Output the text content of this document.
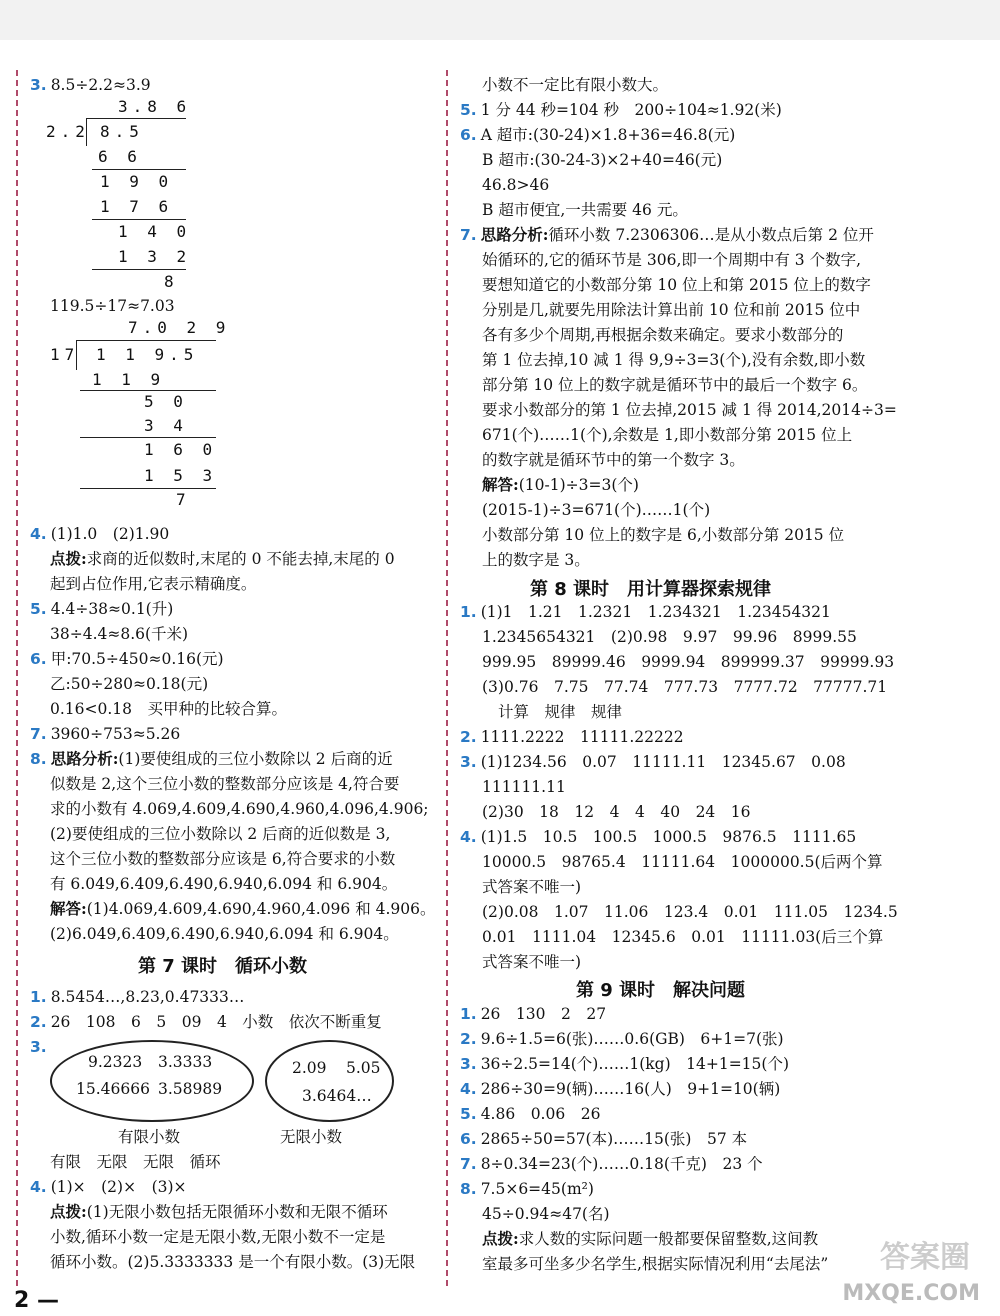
3. 8.5÷2.2≈3.9
3.8 6
2.2 8.5
6 6
1 9 0
1 7 6
1 4 0
1 3 2
8
119.5÷17≈7.03
7.0 2 9
17 1 1 9.5
1 1 9
5 0
3 4
1 6 0
1 5 3
7
4. (1)1.0　(2)1.90
点拨:求商的近似数时,末尾的 0 不能去掉,末尾的 0
起到占位作用,它表示精确度。
5. 4.4÷38≈0.1(升)
38÷4.4≈8.6(千米)
6. 甲:70.5÷450≈0.16(元)
乙:50÷280≈0.18(元)
0.16<0.18　买甲种的比较合算。
7. 3960÷753≈5.26
8. 思路分析:(1)要使组成的三位小数除以 2 后商的近
似数是 2,这个三位小数的整数部分应该是 4,符合要
求的小数有 4.069,4.609,4.690,4.960,4.096,4.906;
(2)要使组成的三位小数除以 2 后商的近似数是 3,
这个三位小数的整数部分应该是 6,符合要求的小数
有 6.049,6.409,6.490,6.940,6.094 和 6.904。
解答:(1)4.069,4.609,4.690,4.960,4.096 和 4.906。
(2)6.049,6.409,6.490,6.940,6.094 和 6.904。
第 7 课时　循环小数
1. 8.5454…,8.23,0.47333…
2. 26　108　6　5　09　4　小数　依次不断重复
3.
9.2323 3.3333
15.46666 3.58989
2.09 5.05
3.6464…
有限小数	无限小数
有限　无限　无限　循环
4. (1)×　(2)×　(3)×
点拨:(1)无限小数包括无限循环小数和无限不循环
小数,循环小数一定是无限小数,无限小数不一定是
循环小数。(2)5.3333333 是一个有限小数。(3)无限
小数不一定比有限小数大。
5. 1 分 44 秒=104 秒　200÷104≈1.92(米)
6. A 超市:(30-24)×1.8+36=46.8(元)
B 超市:(30-24-3)×2+40=46(元)
46.8>46
B 超市便宜,一共需要 46 元。
7. 思路分析:循环小数 7.2306306…是从小数点后第 2 位开
始循环的,它的循环节是 306,即一个周期中有 3 个数字,
要想知道它的小数部分第 10 位上和第 2015 位上的数字
分别是几,就要先用除法计算出前 10 位和前 2015 位中
各有多少个周期,再根据余数来确定。要求小数部分的
第 1 位去掉,10 减 1 得 9,9÷3=3(个),没有余数,即小数
部分第 10 位上的数字就是循环节中的最后一个数字 6。
要求小数部分的第 1 位去掉,2015 减 1 得 2014,2014÷3=
671(个)……1(个),余数是 1,即小数部分第 2015 位上
的数字就是循环节中的第一个数字 3。
解答:(10-1)÷3=3(个)
(2015-1)÷3=671(个)……1(个)
小数部分第 10 位上的数字是 6,小数部分第 2015 位
上的数字是 3。
第 8 课时　用计算器探索规律
1. (1)1　1.21　1.2321　1.234321　1.23454321
1.2345654321　(2)0.98　9.97　99.96　8999.55
999.95　89999.46　9999.94　899999.37　99999.93
(3)0.76　7.75　77.74　777.73　7777.72　77777.71
计算　规律　规律
2. 1111.2222　11111.22222
3. (1)1234.56　0.07　11111.11　12345.67　0.08
111111.11
(2)30　18　12　4　4　40　24　16
4. (1)1.5　10.5　100.5　1000.5　9876.5　1111.65
10000.5　98765.4　11111.64　1000000.5(后两个算
式答案不唯一)
(2)0.08　1.07　11.06　123.4　0.01　111.05　1234.5
0.01　1111.04　12345.6　0.01　11111.03(后三个算
式答案不唯一)
第 9 课时　解决问题
1. 26　130　2　27
2. 9.6÷1.5=6(张)……0.6(GB)　6+1=7(张)
3. 36÷2.5=14(个)……1(kg)　14+1=15(个)
4. 286÷30=9(辆)……16(人)　9+1=10(辆)
5. 4.86　0.06　26
6. 2865÷50=57(本)……15(张)　57 本
7. 8÷0.34=23(个)……0.18(千克)　23 个
8. 7.5×6=45(m²)
45÷0.94≈47(名)
点拨:求人数的实际问题一般都要保留整数,这间教
室最多可坐多少名学生,根据实际情况利用“去尾法”
2 —
答案圈
MXQE.COM
